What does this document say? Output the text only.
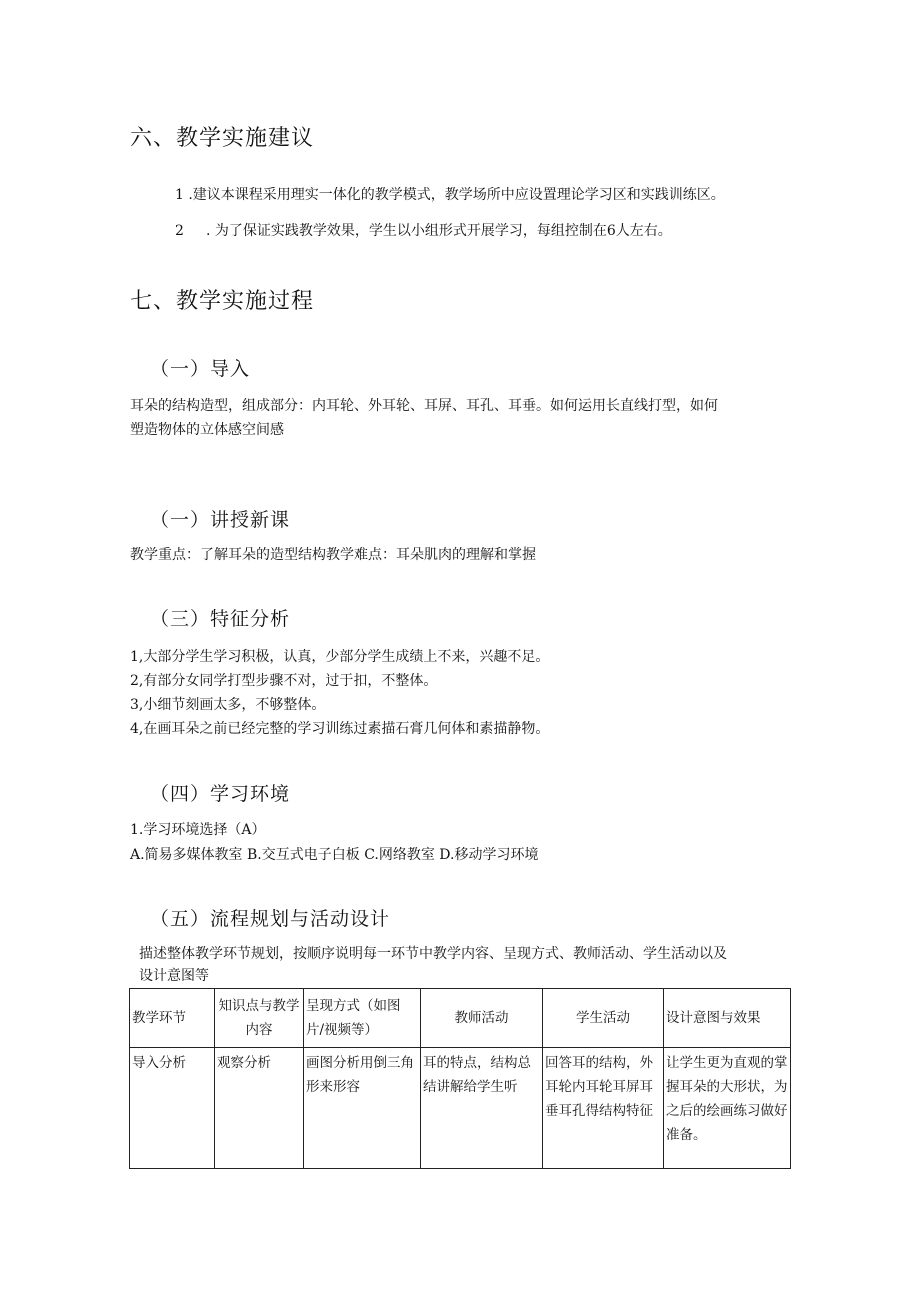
六、教学实施建议
1 .建议本课程采用理实一体化的教学模式，教学场所中应设置理论学习区和实践训练区。
2 . 为了保证实践教学效果，学生以小组形式开展学习，每组控制在6人左右。
七、教学实施过程
（一）导入
耳朵的结构造型，组成部分：内耳轮、外耳轮、耳屏、耳孔、耳垂。如何运用长直线打型，如何
塑造物体的立体感空间感
（一）讲授新课
教学重点：了解耳朵的造型结构教学难点：耳朵肌肉的理解和掌握
（三）特征分析
1,大部分学生学习积极，认真，少部分学生成绩上不来，兴趣不足。
2,有部分女同学打型步骤不对，过于扣，不整体。
3,小细节刻画太多，不够整体。
4,在画耳朵之前已经完整的学习训练过素描石膏几何体和素描静物。
（四）学习环境
1.学习环境选择（A）
A.简易多媒体教室 B.交互式电子白板 C.网络教室 D.移动学习环境
（五）流程规划与活动设计
描述整体教学环节规划，按顺序说明每一环节中教学内容、呈现方式、教师活动、学生活动以及
设计意图等
教学环节	知识点与教学内容	呈现方式（如图片/视频等）	教师活动	学生活动	设计意图与效果
导入分析	观察分析	画图分析用倒三角形来形容	耳的特点，结构总结讲解给学生听	回答耳的结构，外耳轮内耳轮耳屏耳垂耳孔得结构特征	让学生更为直观的掌握耳朵的大形状，为之后的绘画练习做好准备。
